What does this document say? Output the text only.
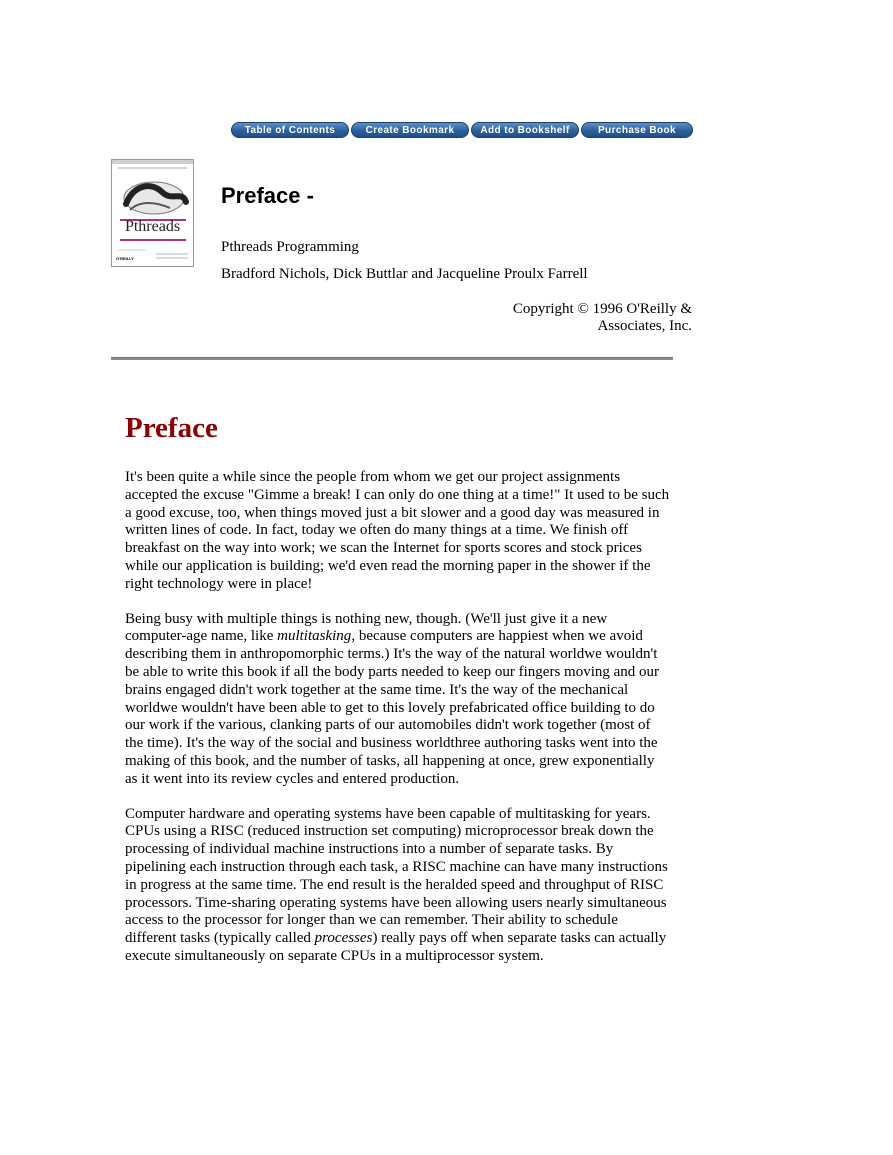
Table of Contents	Create Bookmark	Add to Bookshelf	Purchase Book
Pthreads
O'REILLY
Preface -
Pthreads Programming
Bradford Nichols, Dick Buttlar and Jacqueline Proulx Farrell
Copyright © 1996 O'Reilly &
Associates, Inc.
Preface

It's been quite a while since the people from whom we get our project assignments accepted the excuse "Gimme a break! I can only do one thing at a time!" It used to be such a good excuse, too, when things moved just a bit slower and a good day was measured in written lines of code. In fact, today we often do many things at a time. We finish off breakfast on the way into work; we scan the Internet for sports scores and stock prices while our application is building; we'd even read the morning paper in the shower if the right technology were in place!

Being busy with multiple things is nothing new, though. (We'll just give it a new computer-age name, like multitasking, because computers are happiest when we avoid describing them in anthropomorphic terms.) It's the way of the natural worldwe wouldn't be able to write this book if all the body parts needed to keep our fingers moving and our brains engaged didn't work together at the same time. It's the way of the mechanical worldwe wouldn't have been able to get to this lovely prefabricated office building to do our work if the various, clanking parts of our automobiles didn't work together (most of the time). It's the way of the social and business worldthree authoring tasks went into the making of this book, and the number of tasks, all happening at once, grew exponentially as it went into its review cycles and entered production.

Computer hardware and operating systems have been capable of multitasking for years. CPUs using a RISC (reduced instruction set computing) microprocessor break down the processing of individual machine instructions into a number of separate tasks. By pipelining each instruction through each task, a RISC machine can have many instructions in progress at the same time. The end result is the heralded speed and throughput of RISC processors. Time-sharing operating systems have been allowing users nearly simultaneous access to the processor for longer than we can remember. Their ability to schedule different tasks (typically called processes) really pays off when separate tasks can actually execute simultaneously on separate CPUs in a multiprocessor system.
